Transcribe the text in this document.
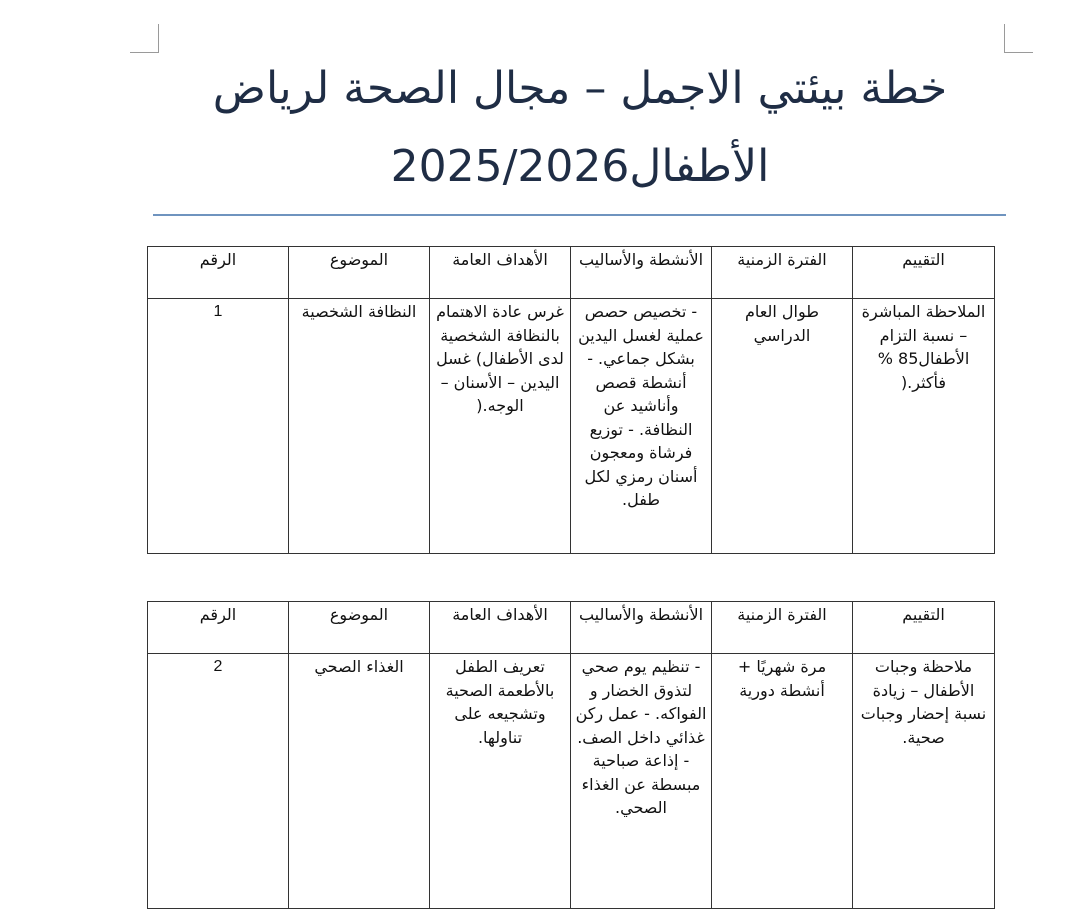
خطة بيئتي الاجمل – مجال الصحة لرياض
الأطفال2025/2026
التقييم	الفترة الزمنية	الأنشطة والأساليب	الأهداف العامة	الموضوع	الرقم
الملاحظة المباشرة – نسبة التزام الأطفال85 % فأكثر.(	طوال العام الدراسي	- تخصيص حصص عملية لغسل اليدين بشكل جماعي. - أنشطة قصص وأناشيد عن النظافة. - توزيع فرشاة ومعجون أسنان رمزي لكل طفل.	غرس عادة الاهتمام بالنظافة الشخصية لدى الأطفال) غسل اليدين – الأسنان – الوجه.(	النظافة الشخصية	1
التقييم	الفترة الزمنية	الأنشطة والأساليب	الأهداف العامة	الموضوع	الرقم
ملاحظة وجبات الأطفال – زيادة نسبة إحضار وجبات صحية.	مرة شهريًا + أنشطة دورية	- تنظيم يوم صحي لتذوق الخضار و الفواكه. - عمل ركن غذائي داخل الصف. - إذاعة صباحية مبسطة عن الغذاء الصحي.	تعريف الطفل بالأطعمة الصحية وتشجيعه على تناولها.	الغذاء الصحي	2
